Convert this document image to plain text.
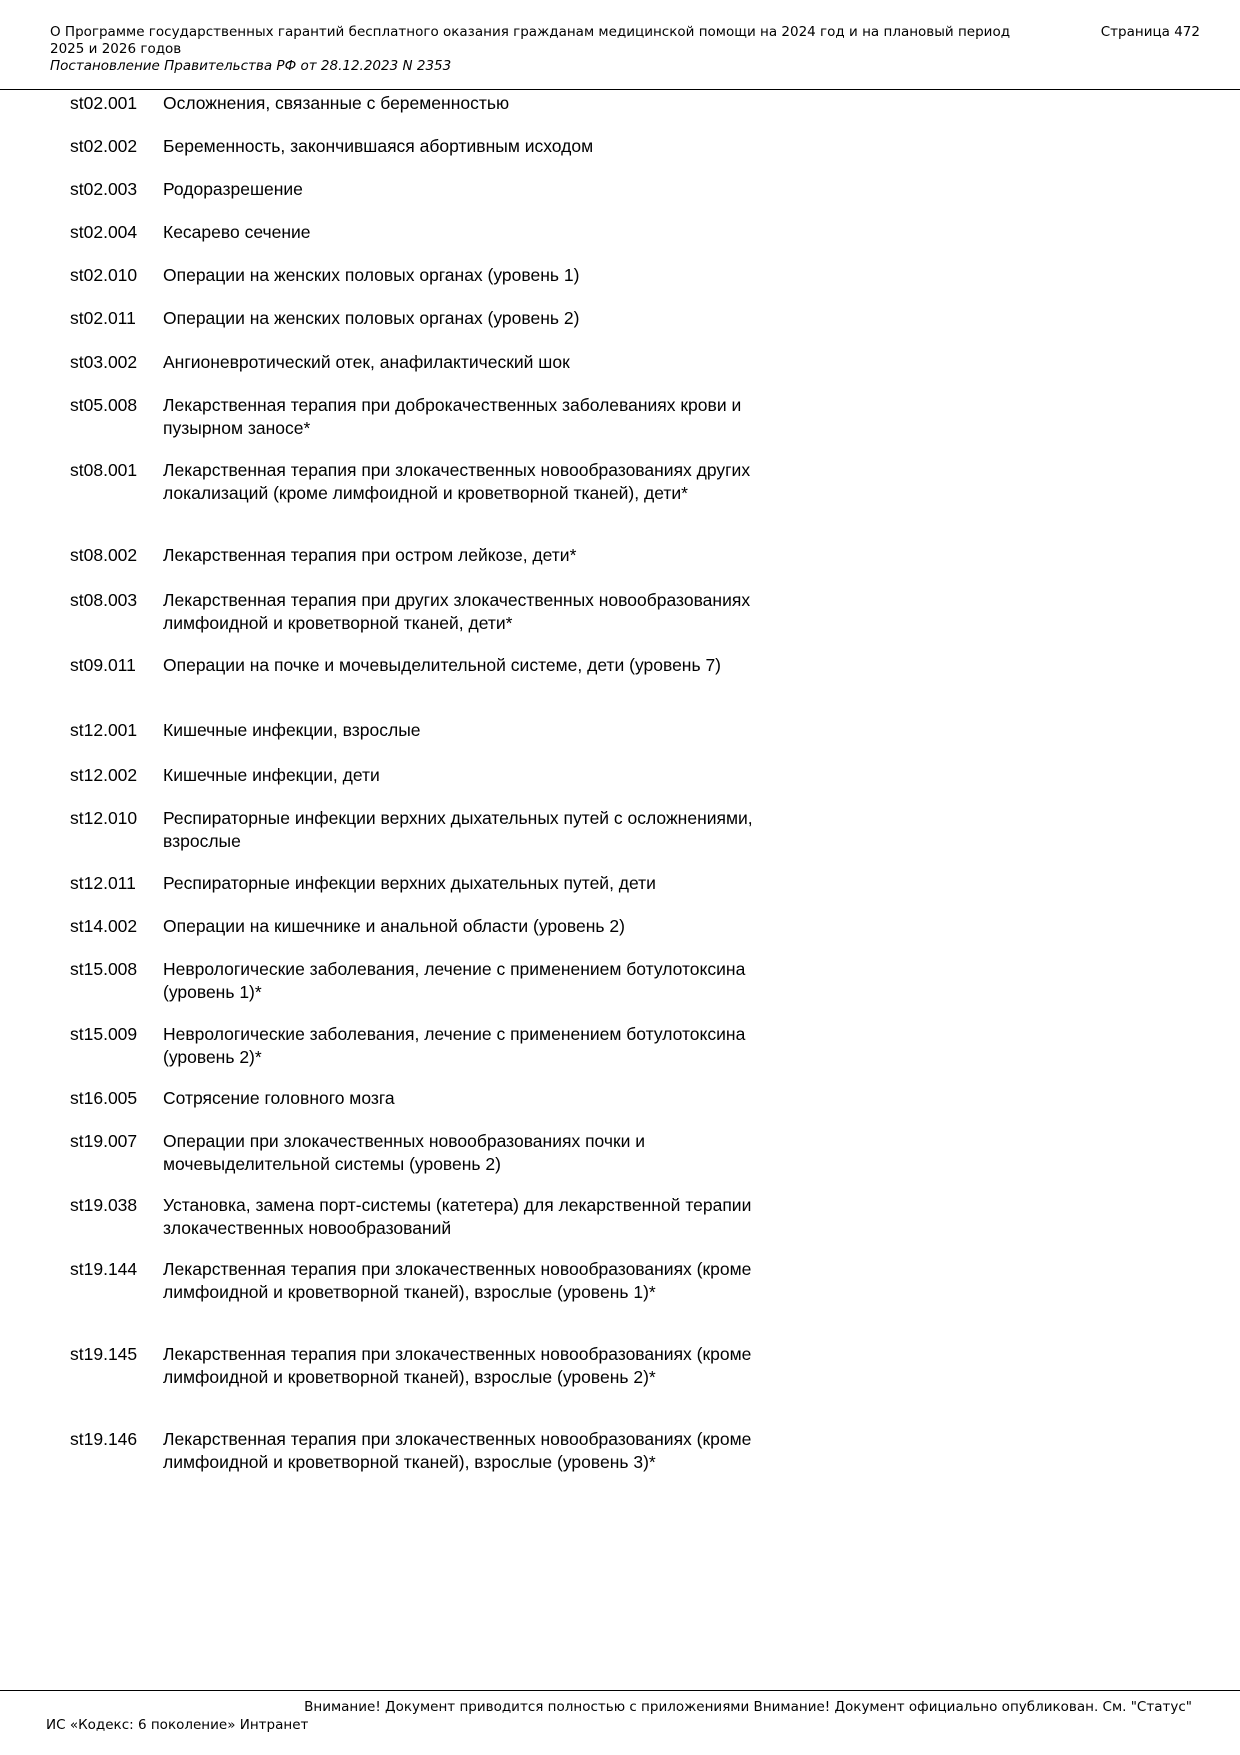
О Программе государственных гарантий бесплатного оказания гражданам медицинской помощи на 2024 год и на плановый период 2025 и 2026 годов
Постановление Правительства РФ от 28.12.2023 N 2353
Страница 472
st02.001	Осложнения, связанные с беременностью
st02.002	Беременность, закончившаяся абортивным исходом
st02.003	Родоразрешение
st02.004	Кесарево сечение
st02.010	Операции на женских половых органах (уровень 1)
st02.011	Операции на женских половых органах (уровень 2)
st03.002	Ангионевротический отек, анафилактический шок
st05.008	Лекарственная терапия при доброкачественных заболеваниях крови и пузырном заносе*
st08.001	Лекарственная терапия при злокачественных новообразованиях других локализаций (кроме лимфоидной и кроветворной тканей), дети*
st08.002	Лекарственная терапия при остром лейкозе, дети*
st08.003	Лекарственная терапия при других злокачественных новообразованиях лимфоидной и кроветворной тканей, дети*
st09.011	Операции на почке и мочевыделительной системе, дети (уровень 7)
st12.001	Кишечные инфекции, взрослые
st12.002	Кишечные инфекции, дети
st12.010	Респираторные инфекции верхних дыхательных путей с осложнениями, взрослые
st12.011	Респираторные инфекции верхних дыхательных путей, дети
st14.002	Операции на кишечнике и анальной области (уровень 2)
st15.008	Неврологические заболевания, лечение с применением ботулотоксина (уровень 1)*
st15.009	Неврологические заболевания, лечение с применением ботулотоксина (уровень 2)*
st16.005	Сотрясение головного мозга
st19.007	Операции при злокачественных новообразованиях почки и мочевыделительной системы (уровень 2)
st19.038	Установка, замена порт-системы (катетера) для лекарственной терапии злокачественных новообразований
st19.144	Лекарственная терапия при злокачественных новообразованиях (кроме лимфоидной и кроветворной тканей), взрослые (уровень 1)*
st19.145	Лекарственная терапия при злокачественных новообразованиях (кроме лимфоидной и кроветворной тканей), взрослые (уровень 2)*
st19.146	Лекарственная терапия при злокачественных новообразованиях (кроме лимфоидной и кроветворной тканей), взрослые (уровень 3)*
Внимание! Документ приводится полностью с приложениями Внимание! Документ официально опубликован. См. "Статус"
ИС «Кодекс: 6 поколение» Интранет
